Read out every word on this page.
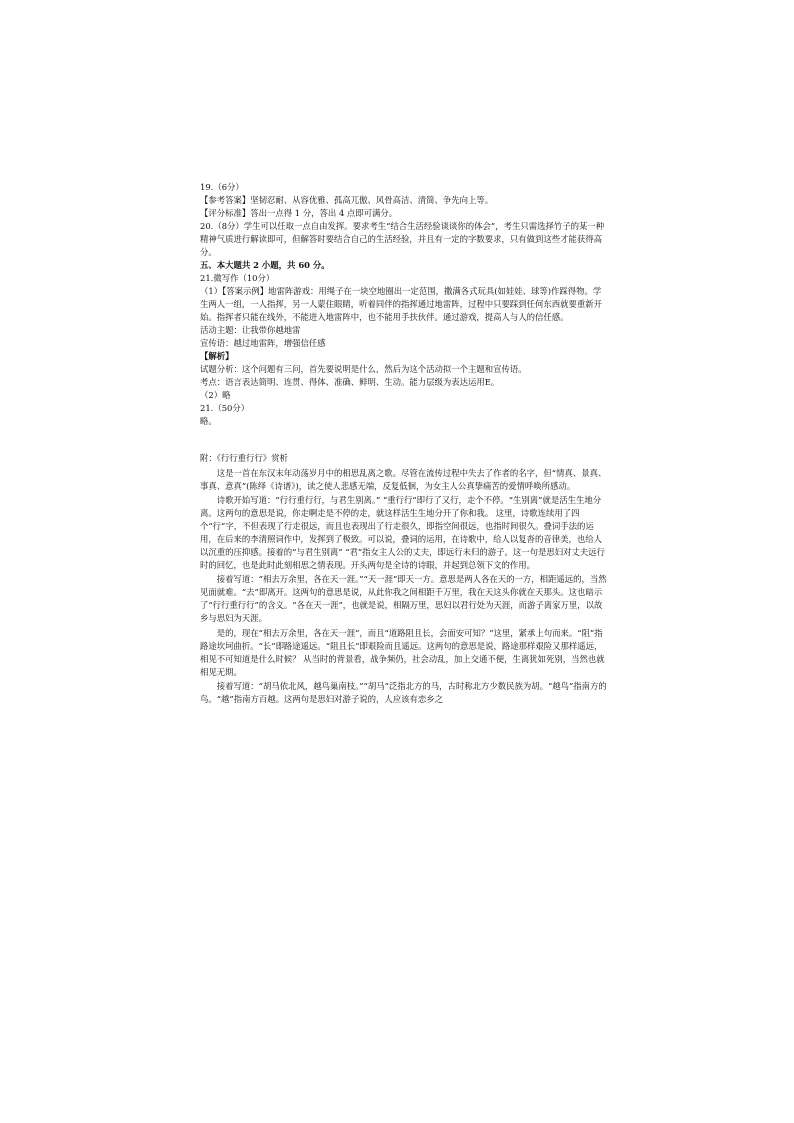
19.（6分）

【参考答案】坚韧忍耐、从容优雅、孤高兀傲、风骨高洁、清简、争先向上等。

【评分标准】答出一点得 1 分，答出 4 点即可满分。

20.（8分）学生可以任取一点自由发挥。要求考生“结合生活经验谈谈你的体会”，考生只需选择竹子的某一种精神气质进行解读即可，但解答时要结合自己的生活经验，并且有一定的字数要求，只有做到这些才能获得高分。

五、本大题共 2 小题，共 60 分。

21.微写作（10分）

（1）【答案示例】地雷阵游戏：用绳子在一块空地圈出一定范围，撒满各式玩具(如娃娃、球等)作踩得物。学生两人一组，一人指挥，另一人蒙住眼睛，听着同伴的指挥通过地雷阵，过程中只要踩到任何东西就要重新开始。指挥者只能在线外，不能进入地雷阵中，也不能用手扶伙伴。通过游戏，提高人与人的信任感。

活动主题：让我带你越地雷

宣传语：越过地雷阵，增强信任感

【解析】

试题分析：这个问题有三问，首先要说明是什么，然后为这个活动拟一个主题和宣传语。

考点：语言表达简明、连贯、得体、准确、鲜明、生动。能力层级为表达运用E。

（2）略

21.（50分）

略。

附：《行行重行行》赏析

这是一首在东汉末年动荡岁月中的相思乱离之歌。尽管在流传过程中失去了作者的名字，但“情真、景真、事真、意真”(陈绎《诗谱》)，读之使人悲感无端，反复低徊，为女主人公真挚痛苦的爱情呼唤所感动。

诗歌开始写道：“行行重行行，与君生别离。” “重行行”即行了又行，走个不停。“生别离”就是活生生地分离。这两句的意思是说，你走啊走是不停的走，就这样活生生地分开了你和我。 这里，诗歌连续用了四个“行”字，不但表现了行走很远，而且也表现出了行走很久，即指空间很远，也指时间很久。叠词手法的运用，在后来的李清照词作中，发挥到了极致。可以说，叠词的运用，在诗歌中，给人以复沓的音律美，也给人以沉重的压抑感。接着的“与君生别离” “君”指女主人公的丈夫，即远行未归的游子。这一句是思妇对丈夫远行时的回忆，也是此时此刻相思之情表现。开头两句是全诗的诗眼，并起到总领下文的作用。

接着写道：“相去万余里，各在天一涯。”“天一涯”即天一方。意思是两人各在天的一方，相距遥远的，当然见面就难。“去”即离开。这两句的意思是说，从此你我之间相距千万里，我在天这头你就在天那头。这也暗示了“行行重行行”的含义。“各在天一涯”，也就是说，相隔万里，思妇以君行处为天涯，而游子离家万里，以故乡与思妇为天涯。

是的，现在“相去万余里，各在天一涯”，而且“道路阻且长，会面安可知？”这里，紧承上句而来。“阻”指路途坎坷曲折。“长”即路途遥远。“阻且长”即艰险而且遥远。这两句的意思是说，路途那样艰险又那样遥远，相见不可知道是什么时候？ 从当时的背景看，战争频仍，社会动乱，加上交通不便，生离犹如死别，当然也就相见无期。

接着写道：“胡马依北风，越鸟巢南枝。”“胡马”泛指北方的马，古时称北方少数民族为胡。“越鸟”指南方的鸟。“越”指南方百越。这两句是思妇对游子说的，人应该有恋乡之
